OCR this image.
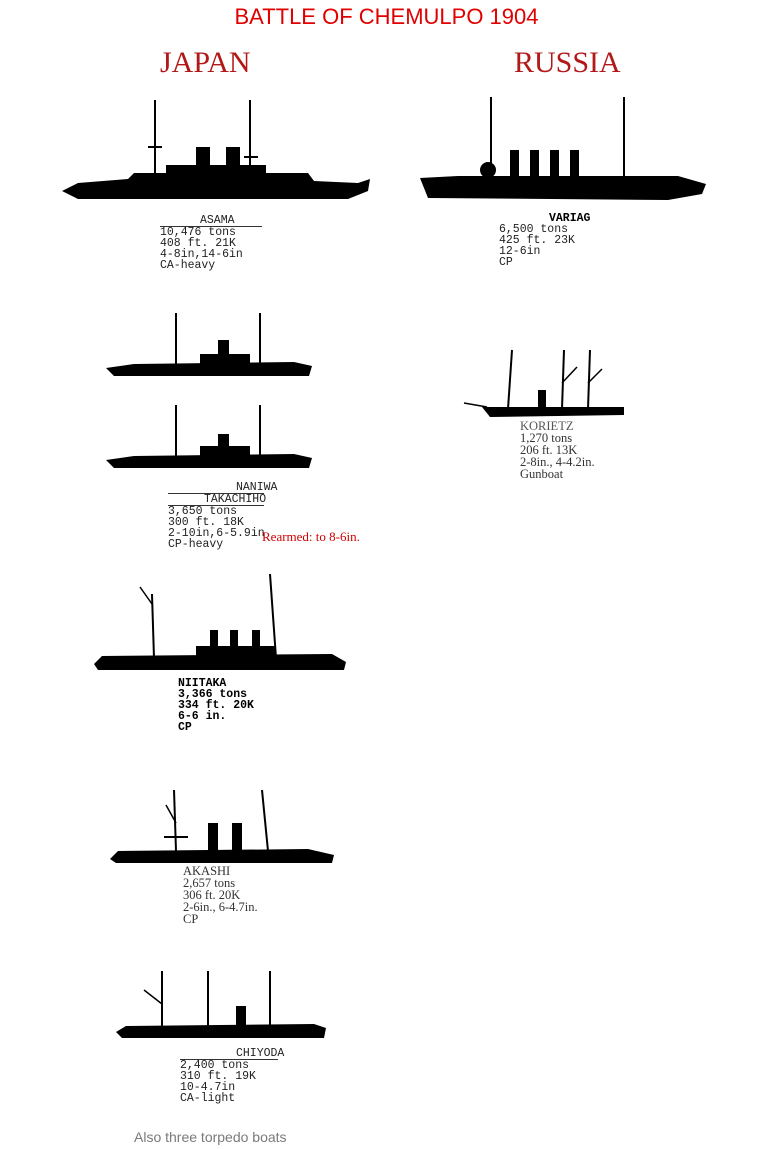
BATTLE OF CHEMULPO 1904
JAPAN	RUSSIA
ASAMA
10,476 tons
408 ft. 21K
4-8in,14-6in
CA-heavy
VARIAG
6,500 tons
425 ft. 23K
12-6in
CP
NANIWA
TAKACHIHO
3,650 tons
300 ft. 18K
2-10in,6-5.9in
CP-heavy
Rearmed: to 8-6in.
KORIETZ
1,270 tons
206 ft. 13K
2-8in., 4-4.2in.
Gunboat
NIITAKA
3,366 tons
334 ft. 20K
6-6 in.
CP
AKASHI
2,657 tons
306 ft. 20K
2-6in., 6-4.7in.
CP
CHIYODA
2,400 tons
310 ft. 19K
10-4.7in
CA-light
Also three torpedo boats
